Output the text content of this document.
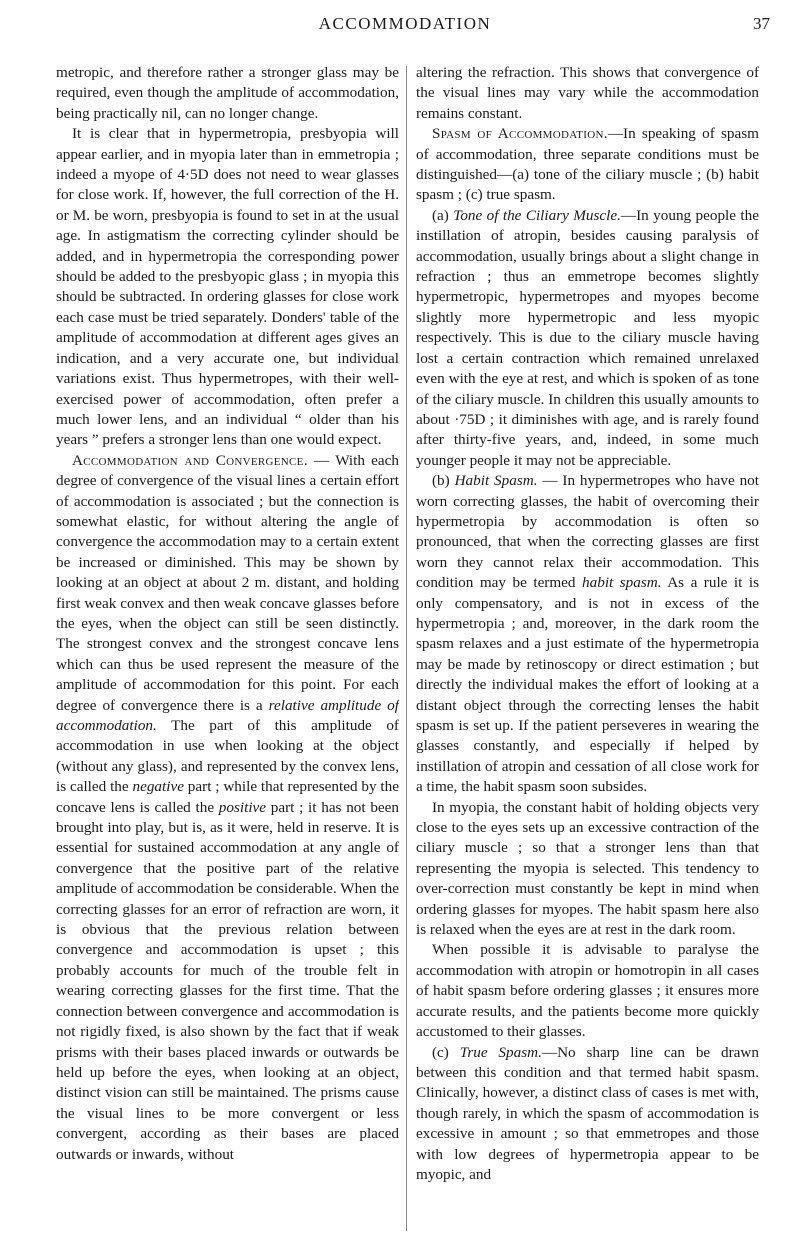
ACCOMMODATION	37

metropic, and therefore rather a stronger glass may be required, even though the amplitude of accommodation, being practically nil, can no longer change.

It is clear that in hypermetropia, presbyopia will appear earlier, and in myopia later than in emmetropia ; indeed a myope of 4·5D does not need to wear glasses for close work. If, however, the full correction of the H. or M. be worn, presbyopia is found to set in at the usual age. In astigmatism the correcting cylinder should be added, and in hypermetropia the corresponding power should be added to the presbyopic glass ; in myopia this should be subtracted. In ordering glasses for close work each case must be tried separately. Donders' table of the amplitude of accommodation at different ages gives an indication, and a very accurate one, but individual variations exist. Thus hypermetropes, with their well-exercised power of accommodation, often prefer a much lower lens, and an individual “ older than his years ” prefers a stronger lens than one would expect.

Accommodation and Convergence. — With each degree of convergence of the visual lines a certain effort of accommodation is associated ; but the connection is somewhat elastic, for without altering the angle of convergence the accommodation may to a certain extent be increased or diminished. This may be shown by looking at an object at about 2 m. distant, and holding first weak convex and then weak concave glasses before the eyes, when the object can still be seen distinctly. The strongest convex and the strongest concave lens which can thus be used represent the measure of the amplitude of accommodation for this point. For each degree of convergence there is a relative amplitude of accommodation. The part of this amplitude of accommodation in use when looking at the object (without any glass), and represented by the convex lens, is called the negative part ; while that represented by the concave lens is called the positive part ; it has not been brought into play, but is, as it were, held in reserve. It is essential for sustained accommodation at any angle of convergence that the positive part of the relative amplitude of accommodation be considerable. When the correcting glasses for an error of refraction are worn, it is obvious that the previous relation between convergence and accommodation is upset ; this probably accounts for much of the trouble felt in wearing correcting glasses for the first time. That the connection between convergence and accommodation is not rigidly fixed, is also shown by the fact that if weak prisms with their bases placed inwards or outwards be held up before the eyes, when looking at an object, distinct vision can still be maintained. The prisms cause the visual lines to be more convergent or less convergent, according as their bases are placed outwards or inwards, without

altering the refraction. This shows that convergence of the visual lines may vary while the accommodation remains constant.

Spasm of Accommodation.—In speaking of spasm of accommodation, three separate conditions must be distinguished—(a) tone of the ciliary muscle ; (b) habit spasm ; (c) true spasm.

(a) Tone of the Ciliary Muscle.—In young people the instillation of atropin, besides causing paralysis of accommodation, usually brings about a slight change in refraction ; thus an emmetrope becomes slightly hypermetropic, hypermetropes and myopes become slightly more hypermetropic and less myopic respectively. This is due to the ciliary muscle having lost a certain contraction which remained unrelaxed even with the eye at rest, and which is spoken of as tone of the ciliary muscle. In children this usually amounts to about ·75D ; it diminishes with age, and is rarely found after thirty-five years, and, indeed, in some much younger people it may not be appreciable.

(b) Habit Spasm. — In hypermetropes who have not worn correcting glasses, the habit of overcoming their hypermetropia by accommodation is often so pronounced, that when the correcting glasses are first worn they cannot relax their accommodation. This condition may be termed habit spasm. As a rule it is only compensatory, and is not in excess of the hypermetropia ; and, moreover, in the dark room the spasm relaxes and a just estimate of the hypermetropia may be made by retinoscopy or direct estimation ; but directly the individual makes the effort of looking at a distant object through the correcting lenses the habit spasm is set up. If the patient perseveres in wearing the glasses constantly, and especially if helped by instillation of atropin and cessation of all close work for a time, the habit spasm soon subsides.

In myopia, the constant habit of holding objects very close to the eyes sets up an excessive contraction of the ciliary muscle ; so that a stronger lens than that representing the myopia is selected. This tendency to over-correction must constantly be kept in mind when ordering glasses for myopes. The habit spasm here also is relaxed when the eyes are at rest in the dark room.

When possible it is advisable to paralyse the accommodation with atropin or homotropin in all cases of habit spasm before ordering glasses ; it ensures more accurate results, and the patients become more quickly accustomed to their glasses.

(c) True Spasm.—No sharp line can be drawn between this condition and that termed habit spasm. Clinically, however, a distinct class of cases is met with, though rarely, in which the spasm of accommodation is excessive in amount ; so that emmetropes and those with low degrees of hypermetropia appear to be myopic, and
